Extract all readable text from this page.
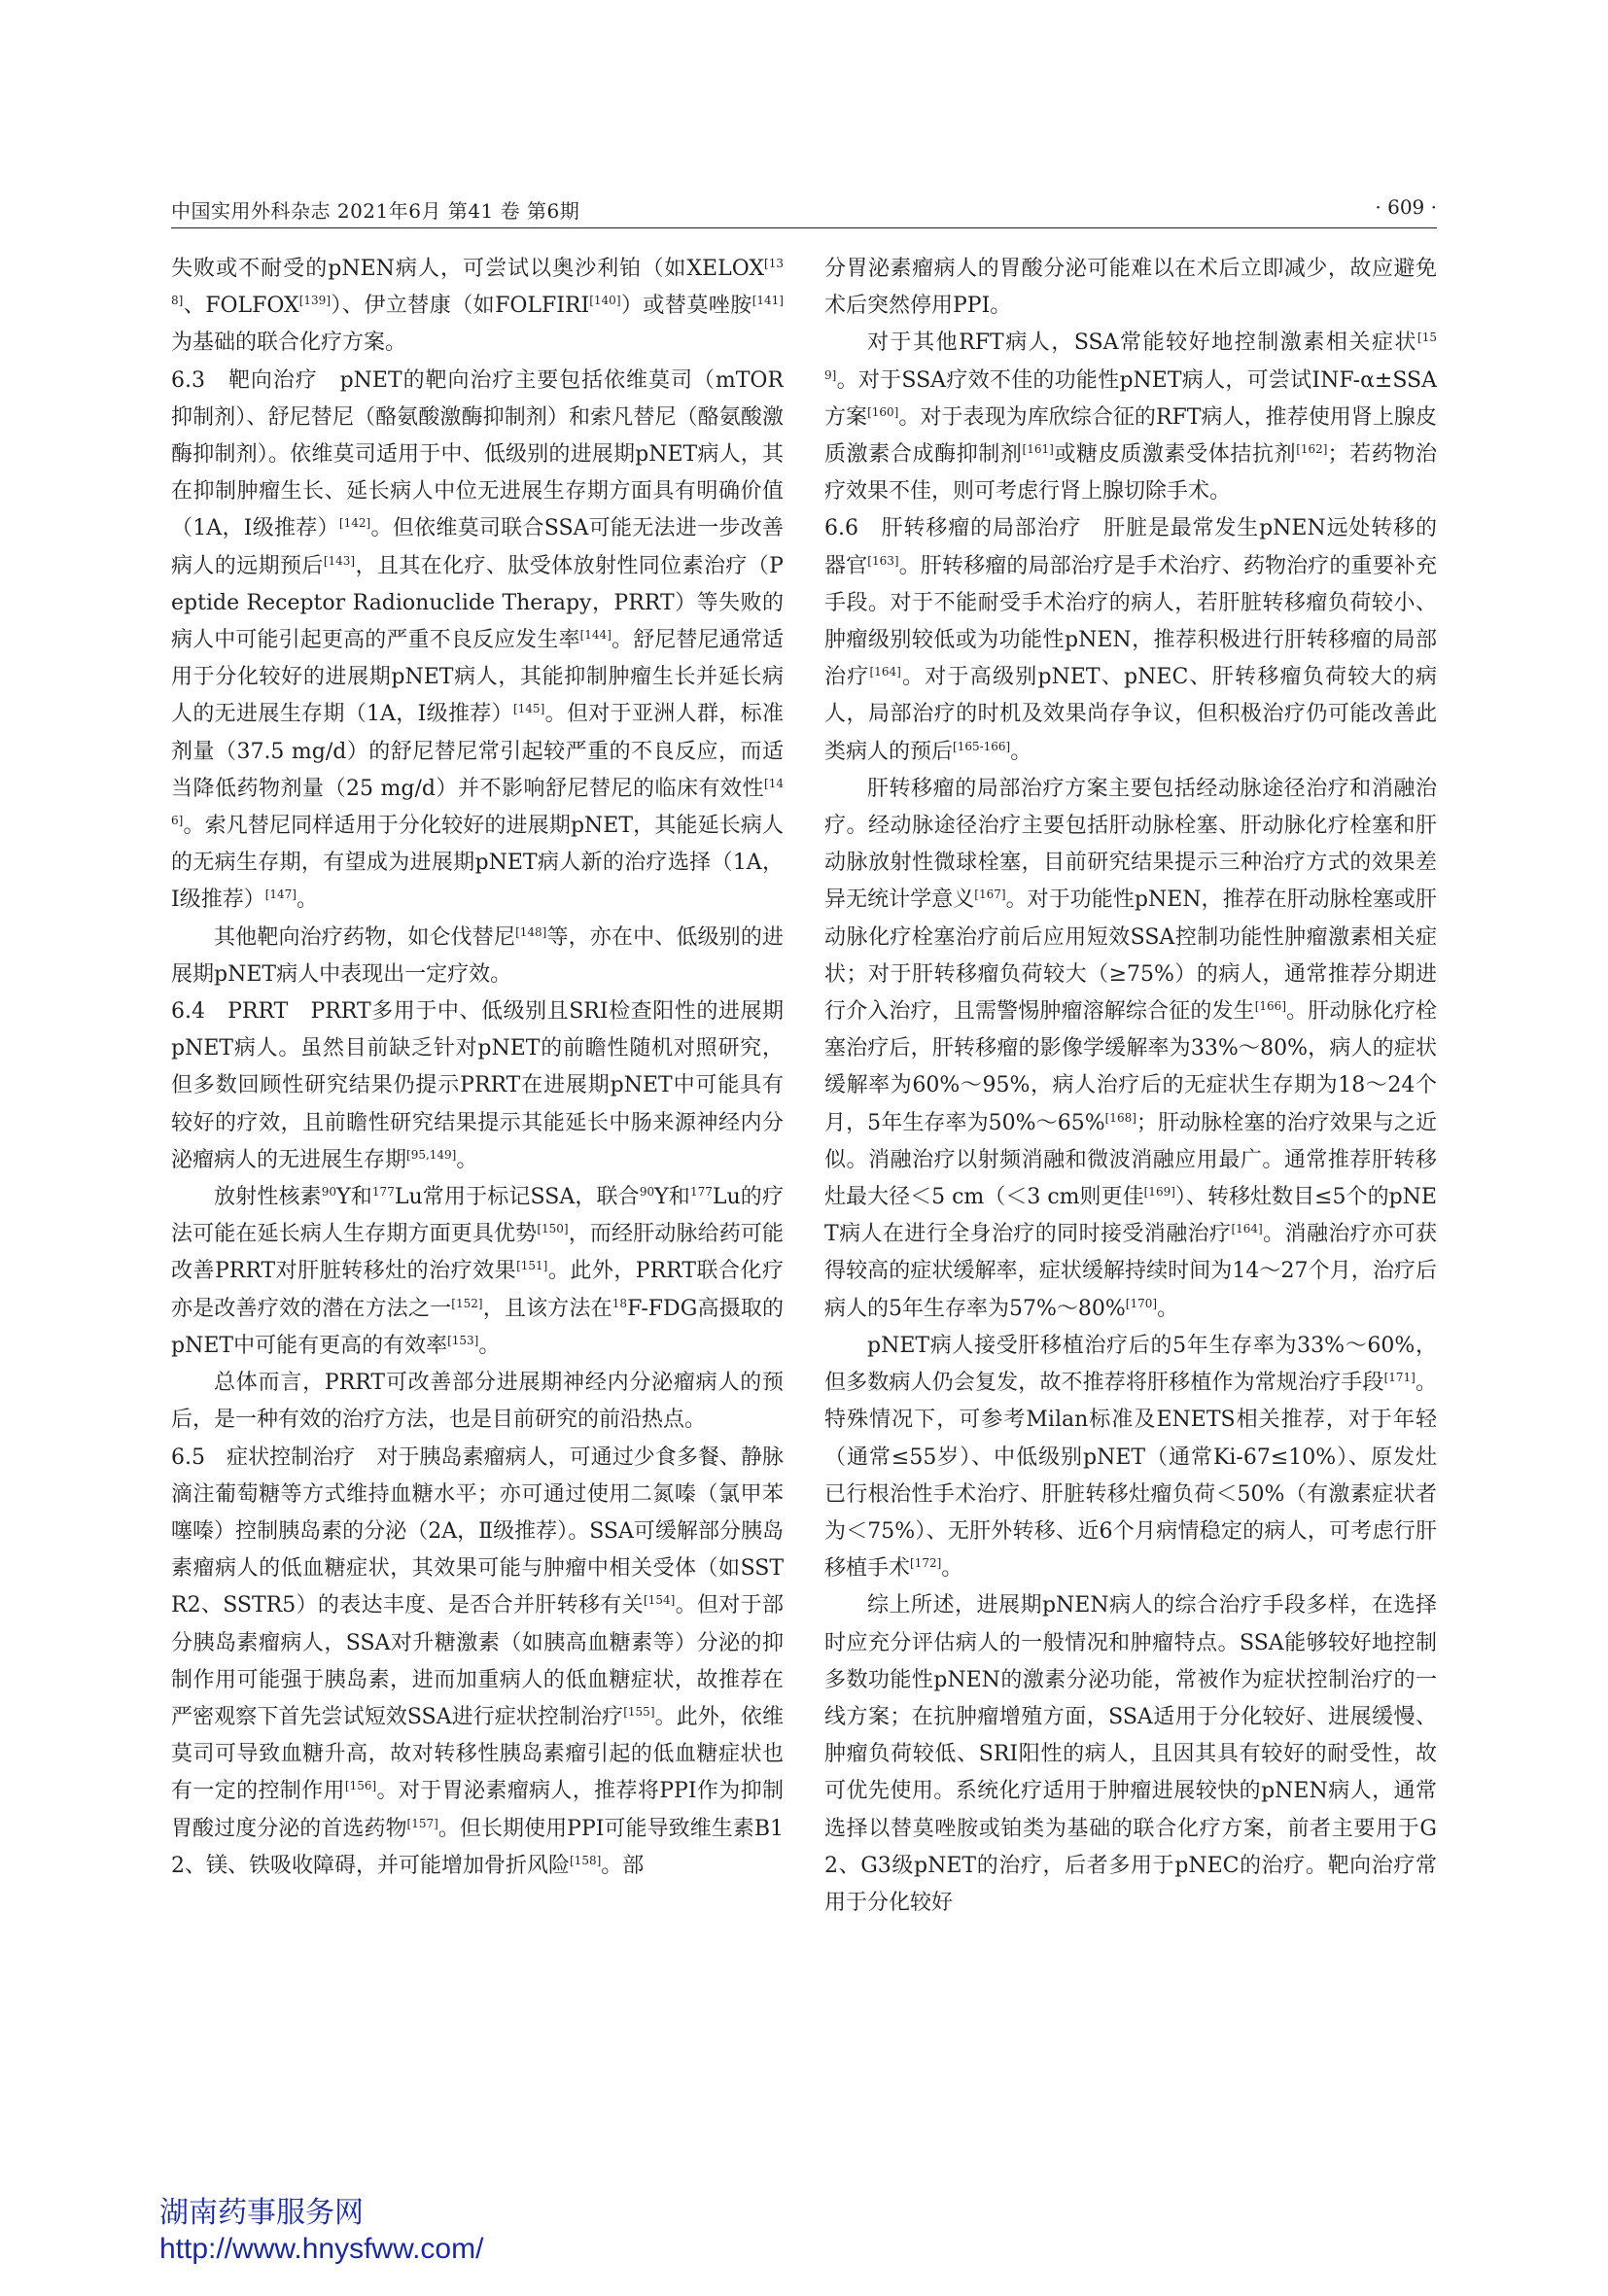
中国实用外科杂志 2021年6月 第41 卷 第6期	· 609 ·

失败或不耐受的pNEN病人，可尝试以奥沙利铂（如XELOX[138]、FOLFOX[139]）、伊立替康（如FOLFIRI[140]）或替莫唑胺[141]为基础的联合化疗方案。

6.3　靶向治疗　pNET的靶向治疗主要包括依维莫司（mTOR抑制剂）、舒尼替尼（酪氨酸激酶抑制剂）和索凡替尼（酪氨酸激酶抑制剂）。依维莫司适用于中、低级别的进展期pNET病人，其在抑制肿瘤生长、延长病人中位无进展生存期方面具有明确价值（1A，Ⅰ级推荐）[142]。但依维莫司联合SSA可能无法进一步改善病人的远期预后[143]，且其在化疗、肽受体放射性同位素治疗（Peptide Receptor Radionuclide Therapy，PRRT）等失败的病人中可能引起更高的严重不良反应发生率[144]。舒尼替尼通常适用于分化较好的进展期pNET病人，其能抑制肿瘤生长并延长病人的无进展生存期（1A，Ⅰ级推荐）[145]。但对于亚洲人群，标准剂量（37.5 mg/d）的舒尼替尼常引起较严重的不良反应，而适当降低药物剂量（25 mg/d）并不影响舒尼替尼的临床有效性[146]。索凡替尼同样适用于分化较好的进展期pNET，其能延长病人的无病生存期，有望成为进展期pNET病人新的治疗选择（1A，Ⅰ级推荐）[147]。

其他靶向治疗药物，如仑伐替尼[148]等，亦在中、低级别的进展期pNET病人中表现出一定疗效。

6.4　PRRT　PRRT多用于中、低级别且SRI检查阳性的进展期pNET病人。虽然目前缺乏针对pNET的前瞻性随机对照研究，但多数回顾性研究结果仍提示PRRT在进展期pNET中可能具有较好的疗效，且前瞻性研究结果提示其能延长中肠来源神经内分泌瘤病人的无进展生存期[95,149]。

放射性核素$^{90}$Y和$^{177}$Lu常用于标记SSA，联合$^{90}$Y和$^{177}$Lu的疗法可能在延长病人生存期方面更具优势[150]，而经肝动脉给药可能改善PRRT对肝脏转移灶的治疗效果[151]。此外，PRRT联合化疗亦是改善疗效的潜在方法之一[152]，且该方法在$^{18}$F-FDG高摄取的pNET中可能有更高的有效率[153]。

总体而言，PRRT可改善部分进展期神经内分泌瘤病人的预后，是一种有效的治疗方法，也是目前研究的前沿热点。

6.5　症状控制治疗　对于胰岛素瘤病人，可通过少食多餐、静脉滴注葡萄糖等方式维持血糖水平；亦可通过使用二氮嗪（氯甲苯噻嗪）控制胰岛素的分泌（2A，Ⅱ级推荐）。SSA可缓解部分胰岛素瘤病人的低血糖症状，其效果可能与肿瘤中相关受体（如SSTR2、SSTR5）的表达丰度、是否合并肝转移有关[154]。但对于部分胰岛素瘤病人，SSA对升糖激素（如胰高血糖素等）分泌的抑制作用可能强于胰岛素，进而加重病人的低血糖症状，故推荐在严密观察下首先尝试短效SSA进行症状控制治疗[155]。此外，依维莫司可导致血糖升高，故对转移性胰岛素瘤引起的低血糖症状也有一定的控制作用[156]。对于胃泌素瘤病人，推荐将PPI作为抑制胃酸过度分泌的首选药物[157]。但长期使用PPI可能导致维生素B12、镁、铁吸收障碍，并可能增加骨折风险[158]。部

分胃泌素瘤病人的胃酸分泌可能难以在术后立即减少，故应避免术后突然停用PPI。

对于其他RFT病人，SSA常能较好地控制激素相关症状[159]。对于SSA疗效不佳的功能性pNET病人，可尝试INF-α±SSA方案[160]。对于表现为库欣综合征的RFT病人，推荐使用肾上腺皮质激素合成酶抑制剂[161]或糖皮质激素受体拮抗剂[162]；若药物治疗效果不佳，则可考虑行肾上腺切除手术。

6.6　肝转移瘤的局部治疗　肝脏是最常发生pNEN远处转移的器官[163]。肝转移瘤的局部治疗是手术治疗、药物治疗的重要补充手段。对于不能耐受手术治疗的病人，若肝脏转移瘤负荷较小、肿瘤级别较低或为功能性pNEN，推荐积极进行肝转移瘤的局部治疗[164]。对于高级别pNET、pNEC、肝转移瘤负荷较大的病人，局部治疗的时机及效果尚存争议，但积极治疗仍可能改善此类病人的预后[165-166]。

肝转移瘤的局部治疗方案主要包括经动脉途径治疗和消融治疗。经动脉途径治疗主要包括肝动脉栓塞、肝动脉化疗栓塞和肝动脉放射性微球栓塞，目前研究结果提示三种治疗方式的效果差异无统计学意义[167]。对于功能性pNEN，推荐在肝动脉栓塞或肝动脉化疗栓塞治疗前后应用短效SSA控制功能性肿瘤激素相关症状；对于肝转移瘤负荷较大（≥75%）的病人，通常推荐分期进行介入治疗，且需警惕肿瘤溶解综合征的发生[166]。肝动脉化疗栓塞治疗后，肝转移瘤的影像学缓解率为33%～80%，病人的症状缓解率为60%～95%，病人治疗后的无症状生存期为18～24个月，5年生存率为50%～65%[168]；肝动脉栓塞的治疗效果与之近似。消融治疗以射频消融和微波消融应用最广。通常推荐肝转移灶最大径＜5 cm（＜3 cm则更佳[169]）、转移灶数目≤5个的pNET病人在进行全身治疗的同时接受消融治疗[164]。消融治疗亦可获得较高的症状缓解率，症状缓解持续时间为14～27个月，治疗后病人的5年生存率为57%～80%[170]。

pNET病人接受肝移植治疗后的5年生存率为33%～60%，但多数病人仍会复发，故不推荐将肝移植作为常规治疗手段[171]。特殊情况下，可参考Milan标准及ENETS相关推荐，对于年轻（通常≤55岁）、中低级别pNET（通常Ki-67≤10%）、原发灶已行根治性手术治疗、肝脏转移灶瘤负荷＜50%（有激素症状者为＜75%）、无肝外转移、近6个月病情稳定的病人，可考虑行肝移植手术[172]。

综上所述，进展期pNEN病人的综合治疗手段多样，在选择时应充分评估病人的一般情况和肿瘤特点。SSA能够较好地控制多数功能性pNEN的激素分泌功能，常被作为症状控制治疗的一线方案；在抗肿瘤增殖方面，SSA适用于分化较好、进展缓慢、肿瘤负荷较低、SRI阳性的病人，且因其具有较好的耐受性，故可优先使用。系统化疗适用于肿瘤进展较快的pNEN病人，通常选择以替莫唑胺或铂类为基础的联合化疗方案，前者主要用于G2、G3级pNET的治疗，后者多用于pNEC的治疗。靶向治疗常用于分化较好

湖南药事服务网
http://www.hnysfww.com/
